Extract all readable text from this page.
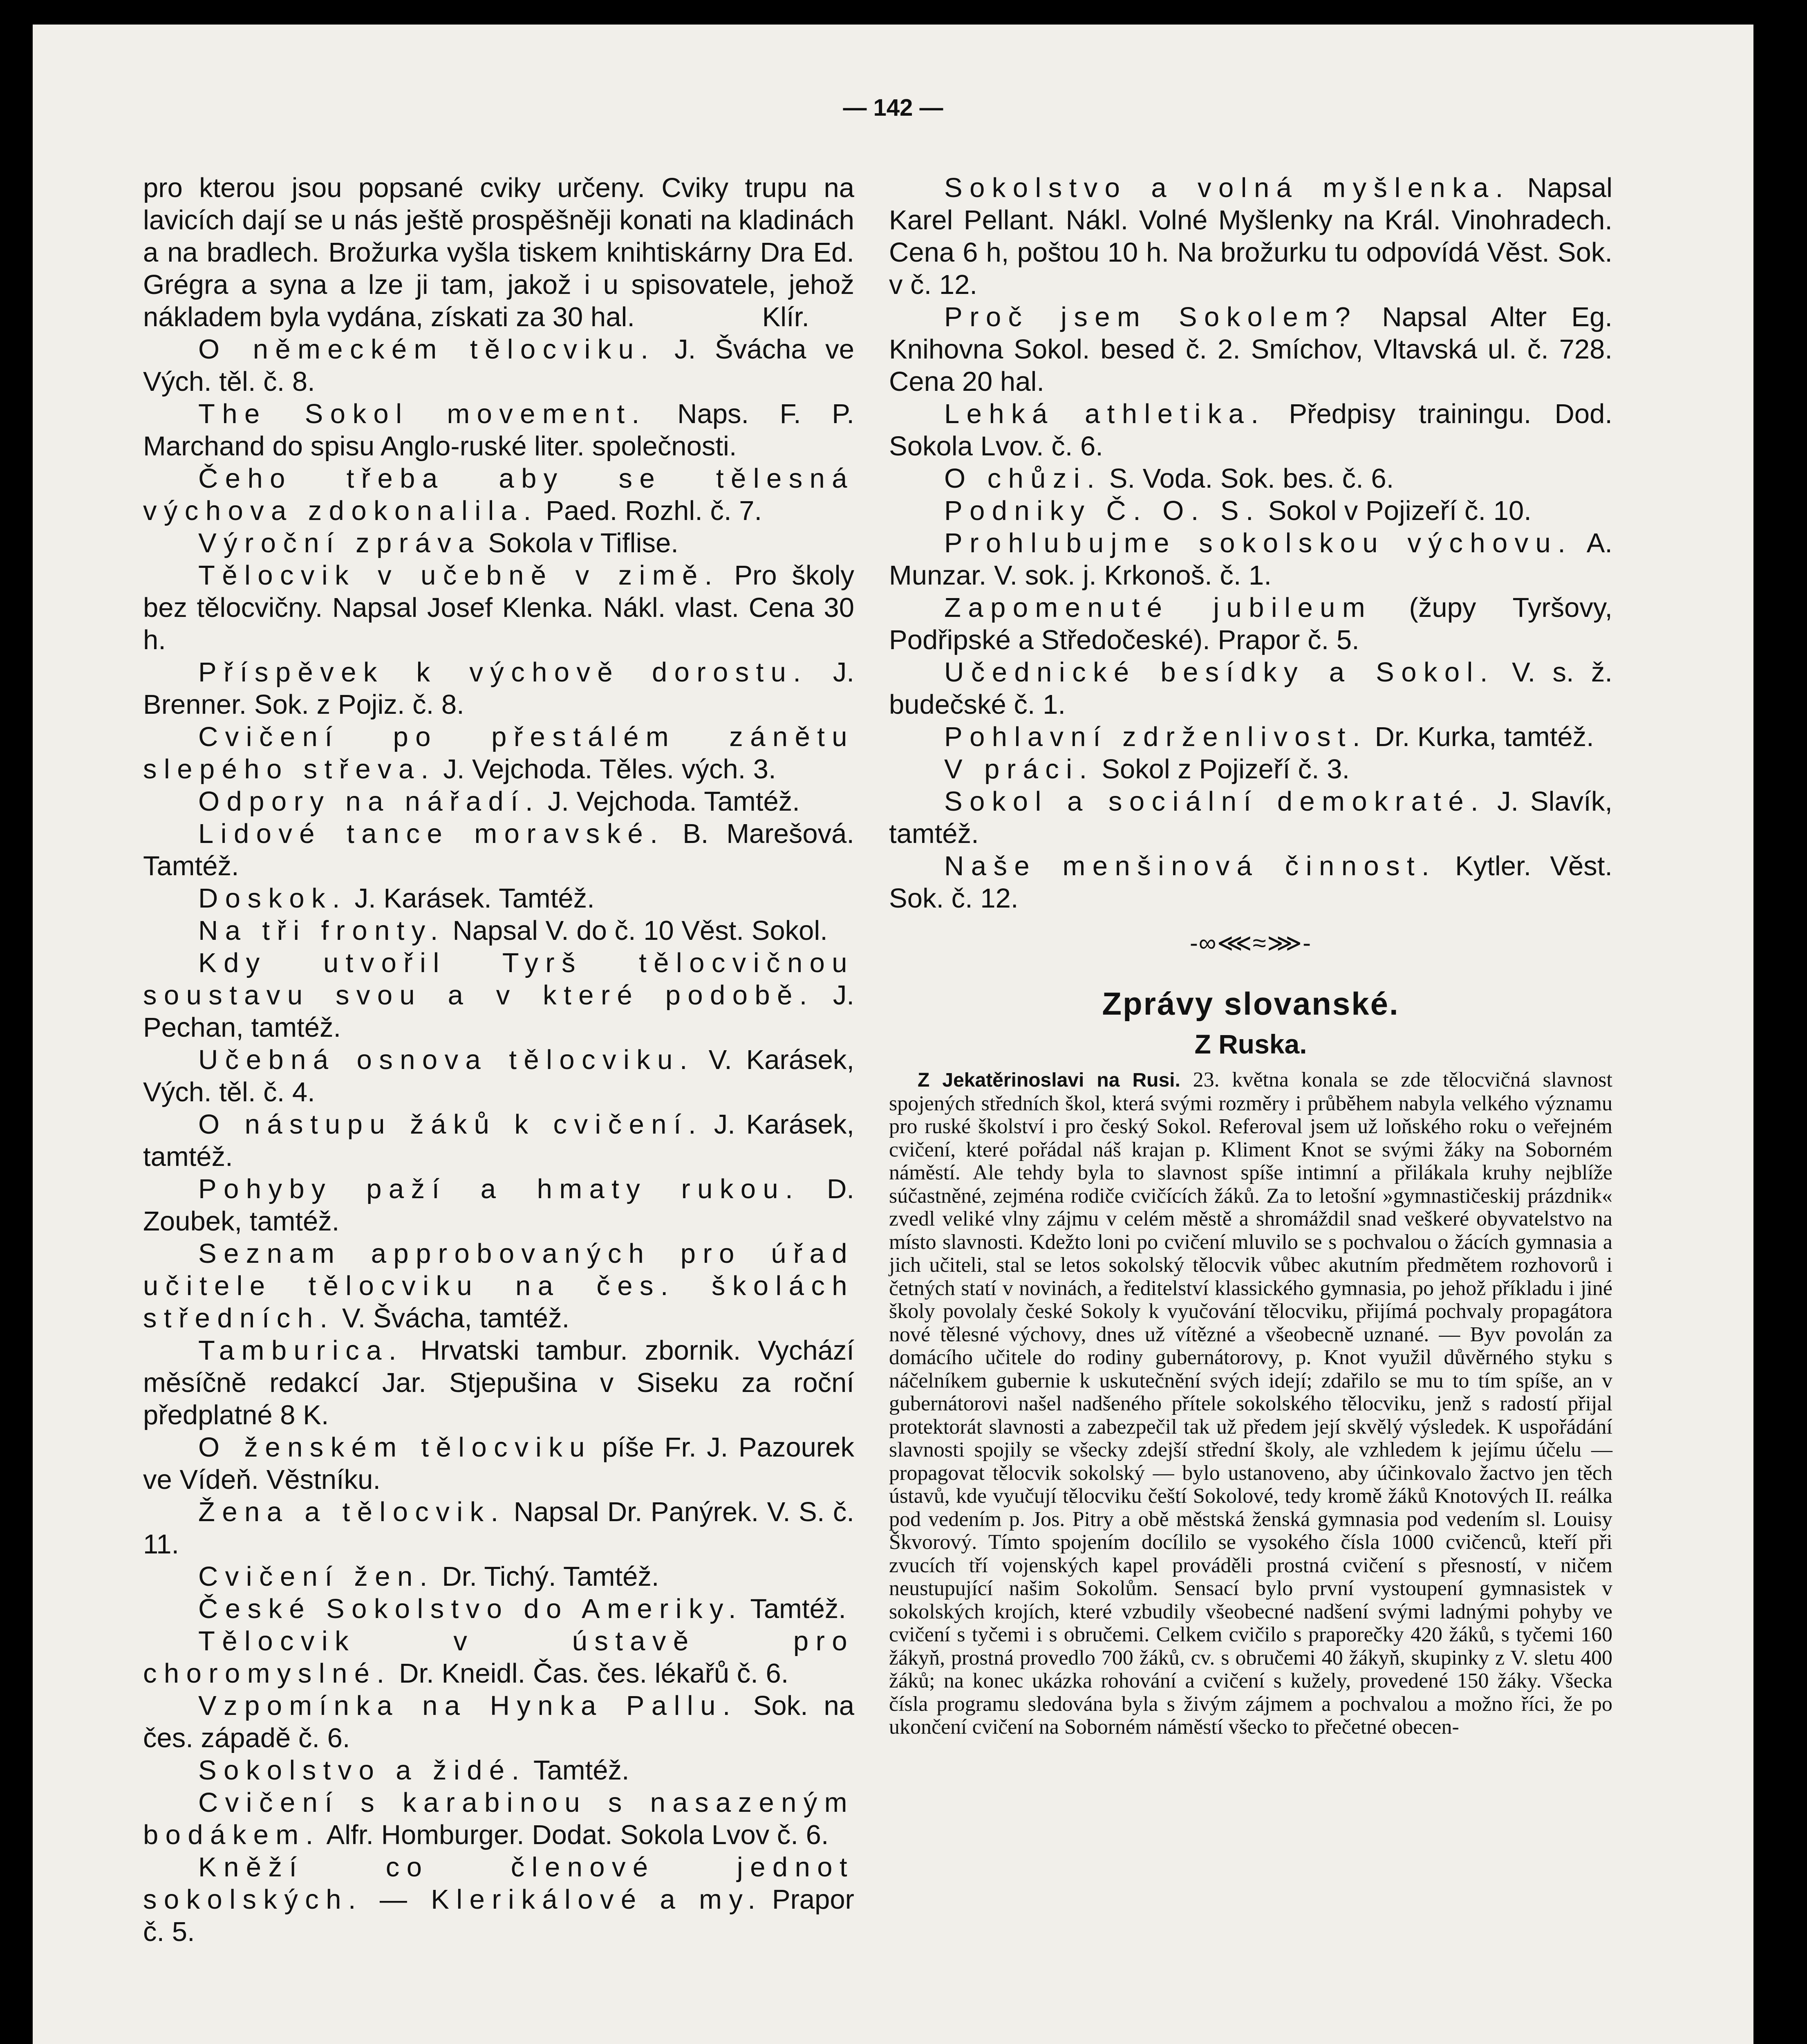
— 142 —

pro kterou jsou popsané cviky určeny. Cviky trupu na lavicích dají se u nás ještě prospěšněji konati na kladinách a na bradlech. Brožurka vyšla tiskem knihtiskárny Dra Ed. Grégra a syna a lze ji tam, jakož i u spisovatele, jehož nákladem byla vydána, získati za 30 hal.	Klír.

O německém tělocviku. J. Švácha ve Vých. těl. č. 8.

The Sokol movement. Naps. F. P. Marchand do spisu Anglo-ruské liter. společnosti.

Čeho třeba aby se tělesná výchova zdokonalila. Paed. Rozhl. č. 7.

Výroční zpráva Sokola v Tiflise.

Tělocvik v učebně v zimě. Pro školy bez tělocvičny. Napsal Josef Klenka. Nákl. vlast. Cena 30 h.

Příspěvek k výchově dorostu. J. Brenner. Sok. z Pojiz. č. 8.

Cvičení po přestálém zánětu slepého střeva. J. Vejchoda. Těles. vých. 3.

Odpory na nářadí. J. Vejchoda. Tamtéž.

Lidové tance moravské. B. Marešová. Tamtéž.

Doskok. J. Karásek. Tamtéž.

Na tři fronty. Napsal V. do č. 10 Věst. Sokol.

Kdy utvořil Tyrš tělocvičnou soustavu svou a v které podobě. J. Pechan, tamtéž.

Učebná osnova tělocviku. V. Karásek, Vých. těl. č. 4.

O nástupu žáků k cvičení. J. Karásek, tamtéž.

Pohyby paží a hmaty rukou. D. Zoubek, tamtéž.

Seznam approbovaných pro úřad učitele tělocviku na čes. školách středních. V. Švácha, tamtéž.

Tamburica. Hrvatski tambur. zbornik. Vychází měsíčně redakcí Jar. Stjepušina v Siseku za roční předplatné 8 K.

O ženském tělocviku píše Fr. J. Pazourek ve Vídeň. Věstníku.

Žena a tělocvik. Napsal Dr. Panýrek. V. S. č. 11.

Cvičení žen. Dr. Tichý. Tamtéž.

České Sokolstvo do Ameriky. Tamtéž.

Tělocvik v ústavě pro choromyslné. Dr. Kneidl. Čas. čes. lékařů č. 6.

Vzpomínka na Hynka Pallu. Sok. na čes. západě č. 6.

Sokolstvo a židé. Tamtéž.

Cvičení s karabinou s nasazeným bodákem. Alfr. Homburger. Dodat. Sokola Lvov č. 6.

Kněží co členové jednot sokolských. — Klerikálové a my. Prapor č. 5.

Sokolstvo a volná myšlenka. Napsal Karel Pellant. Nákl. Volné Myšlenky na Král. Vinohradech. Cena 6 h, poštou 10 h. Na brožurku tu odpovídá Věst. Sok. v č. 12.

Proč jsem Sokolem? Napsal Alter Eg. Knihovna Sokol. besed č. 2. Smíchov, Vltavská ul. č. 728. Cena 20 hal.

Lehká athletika. Předpisy trainingu. Dod. Sokola Lvov. č. 6.

O chůzi. S. Voda. Sok. bes. č. 6.

Podniky Č. O. S. Sokol v Pojizeří č. 10.

Prohlubujme sokolskou výchovu. A. Munzar. V. sok. j. Krkonoš. č. 1.

Zapomenuté jubileum (župy Tyršovy, Podřipské a Středočeské). Prapor č. 5.

Učednické besídky a Sokol. V. s. ž. budečské č. 1.

Pohlavní zdrženlivost. Dr. Kurka, tamtéž.

V práci. Sokol z Pojizeří č. 3.

Sokol a sociální demokraté. J. Slavík, tamtéž.

Naše menšinová činnost. Kytler. Věst. Sok. č. 12.

-∞⋘≈⋙-
Zprávy slovanské.
Z Ruska.

Z Jekatěrinoslavi na Rusi. 23. května konala se zde tělocvičná slavnost spojených středních škol, která svými rozměry i průběhem nabyla velkého významu pro ruské školství i pro český Sokol. Referoval jsem už loňského roku o veřejném cvičení, které pořádal náš krajan p. Kliment Knot se svými žáky na Soborném náměstí. Ale tehdy byla to slavnost spíše intimní a přilákala kruhy nejblíže súčastněné, zejména rodiče cvičících žáků. Za to letošní »gymnastičeskij prázdnik« zvedl veliké vlny zájmu v celém městě a shromáždil snad veškeré obyvatelstvo na místo slavnosti. Kdežto loni po cvičení mluvilo se s pochvalou o žácích gymnasia a jich učiteli, stal se letos sokolský tělocvik vůbec akutním předmětem rozhovorů i četných statí v novinách, a ředitelství klassického gymnasia, po jehož příkladu i jiné školy povolaly české Sokoly k vyučování tělocviku, přijímá pochvaly propagátora nové tělesné výchovy, dnes už vítězné a všeobecně uznané. — Byv povolán za domácího učitele do rodiny gubernátorovy, p. Knot využil důvěrného styku s náčelníkem gubernie k uskutečnění svých idejí; zdařilo se mu to tím spíše, an v gubernátorovi našel nadšeného přítele sokolského tělocviku, jenž s radostí přijal protektorát slavnosti a zabezpečil tak už předem její skvělý výsledek. K uspořádání slavnosti spojily se všecky zdejší střední školy, ale vzhledem k jejímu účelu — propagovat tělocvik sokolský — bylo ustanoveno, aby účinkovalo žactvo jen těch ústavů, kde vyučují tělocviku čeští Sokolové, tedy kromě žáků Knotových II. reálka pod vedením p. Jos. Pitry a obě městská ženská gymnasia pod vedením sl. Louisy Škvorový. Tímto spojením docílilo se vysokého čísla 1000 cvičenců, kteří při zvucích tří vojenských kapel prováděli prostná cvičení s přesností, v ničem neustupující našim Sokolům. Sensací bylo první vystoupení gymnasistek v sokolských krojích, které vzbudily všeobecné nadšení svými ladnými pohyby ve cvičení s tyčemi i s obručemi. Celkem cvičilo s praporečky 420 žáků, s tyčemi 160 žákyň, prostná provedlo 700 žáků, cv. s obručemi 40 žákyň, skupinky z V. sletu 400 žáků; na konec ukázka rohování a cvičení s kužely, provedené 150 žáky. Všecka čísla programu sledována byla s živým zájmem a pochvalou a možno říci, že po ukončení cvičení na Soborném náměstí všecko to přečetné obecen-
